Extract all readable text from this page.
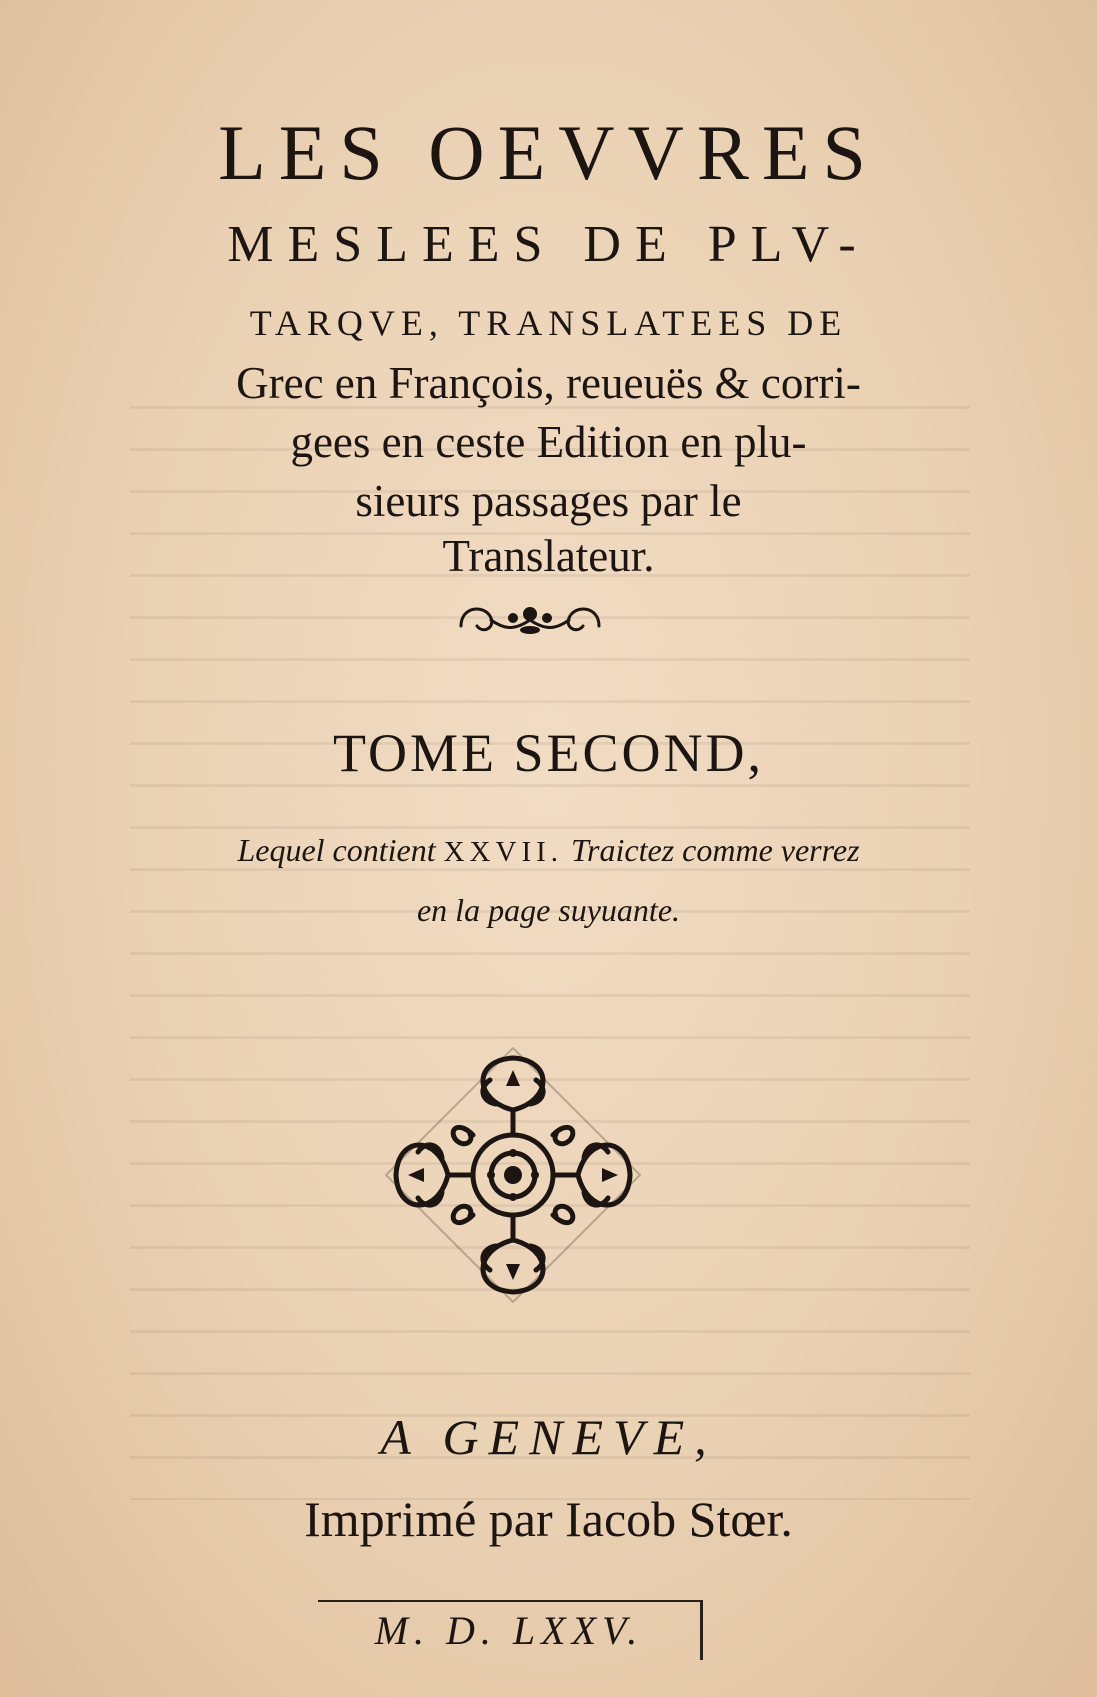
LES OEVVRES

MESLEES DE PLV-

TARQVE, TRANSLATEES DE

Grec en François, reueuës & corri-

gees en ceste Edition en plu-

sieurs passages par le

Translateur.

TOME SECOND,

Lequel contient XXVII. Traictez comme verrez

en la page suyuante.

A GENEVE,

Imprimé par Iacob Stœr.

M. D. LXXV.
